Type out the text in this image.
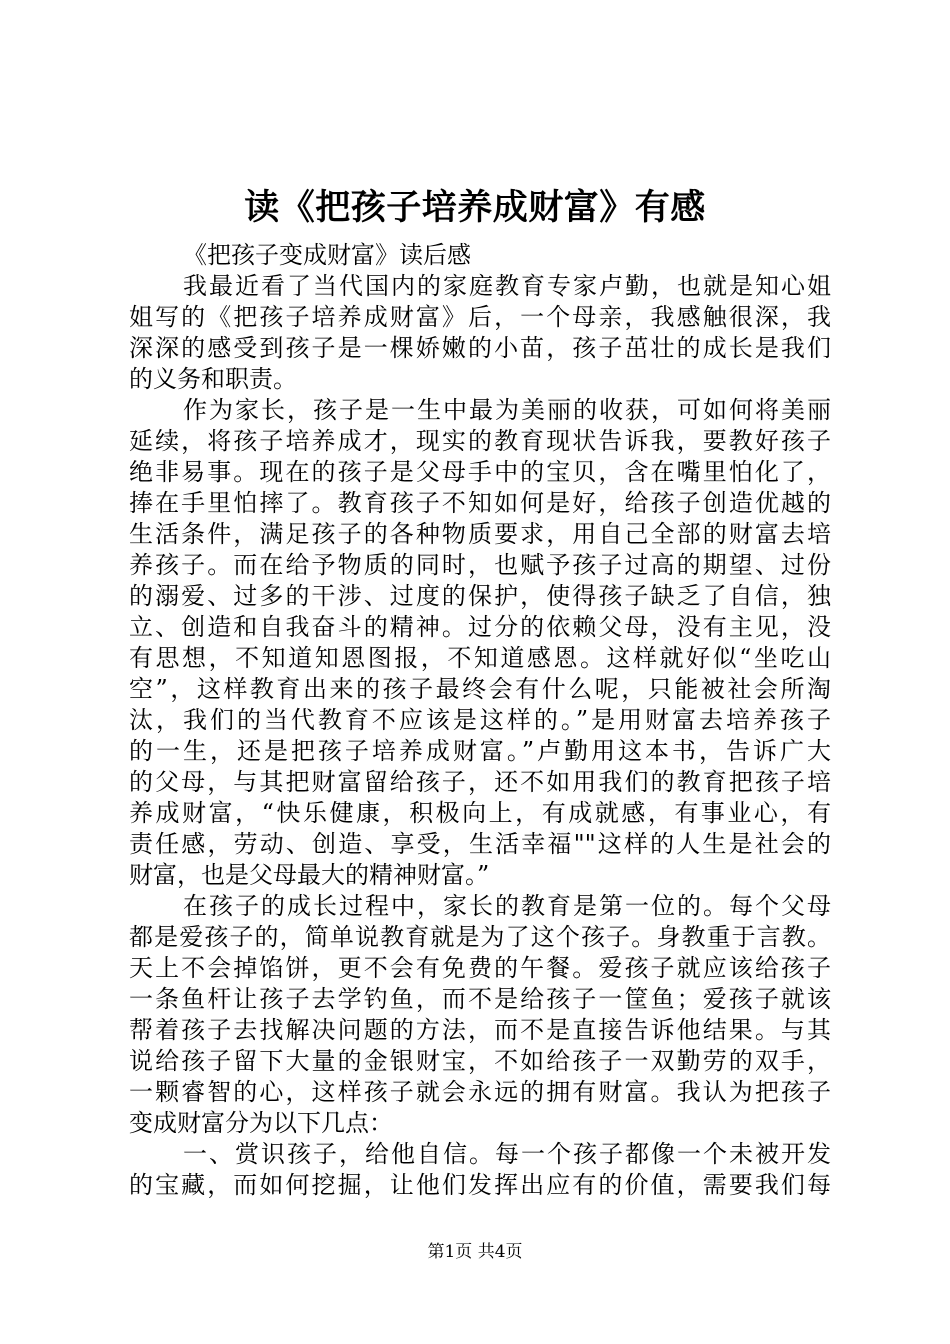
读《把孩子培养成财富》有感
《把孩子变成财富》读后感
我最近看了当代国内的家庭教育专家卢勤，也就是知心姐
姐写的《把孩子培养成财富》后，一个母亲，我感触很深，我
深深的感受到孩子是一棵娇嫩的小苗，孩子茁壮的成长是我们
的义务和职责。
作为家长，孩子是一生中最为美丽的收获，可如何将美丽
延续，将孩子培养成才，现实的教育现状告诉我，要教好孩子
绝非易事。现在的孩子是父母手中的宝贝，含在嘴里怕化了，
捧在手里怕摔了。教育孩子不知如何是好，给孩子创造优越的
生活条件，满足孩子的各种物质要求，用自己全部的财富去培
养孩子。而在给予物质的同时，也赋予孩子过高的期望、过份
的溺爱、过多的干涉、过度的保护，使得孩子缺乏了自信，独
立、创造和自我奋斗的精神。过分的依赖父母，没有主见，没
有思想，不知道知恩图报，不知道感恩。这样就好似“坐吃山
空”，这样教育出来的孩子最终会有什么呢，只能被社会所淘
汰，我们的当代教育不应该是这样的。”是用财富去培养孩子
的一生，还是把孩子培养成财富。”卢勤用这本书，告诉广大
的父母，与其把财富留给孩子，还不如用我们的教育把孩子培
养成财富，“快乐健康，积极向上，有成就感，有事业心，有
责任感，劳动、创造、享受，生活幸福""这样的人生是社会的
财富，也是父母最大的精神财富。”
在孩子的成长过程中，家长的教育是第一位的。每个父母
都是爱孩子的，简单说教育就是为了这个孩子。身教重于言教。
天上不会掉馅饼，更不会有免费的午餐。爱孩子就应该给孩子
一条鱼杆让孩子去学钓鱼，而不是给孩子一筐鱼；爱孩子就该
帮着孩子去找解决问题的方法，而不是直接告诉他结果。与其
说给孩子留下大量的金银财宝，不如给孩子一双勤劳的双手，
一颗睿智的心，这样孩子就会永远的拥有财富。我认为把孩子
变成财富分为以下几点：
一、赏识孩子，给他自信。每一个孩子都像一个未被开发
的宝藏，而如何挖掘，让他们发挥出应有的价值，需要我们每
第1页 共4页
